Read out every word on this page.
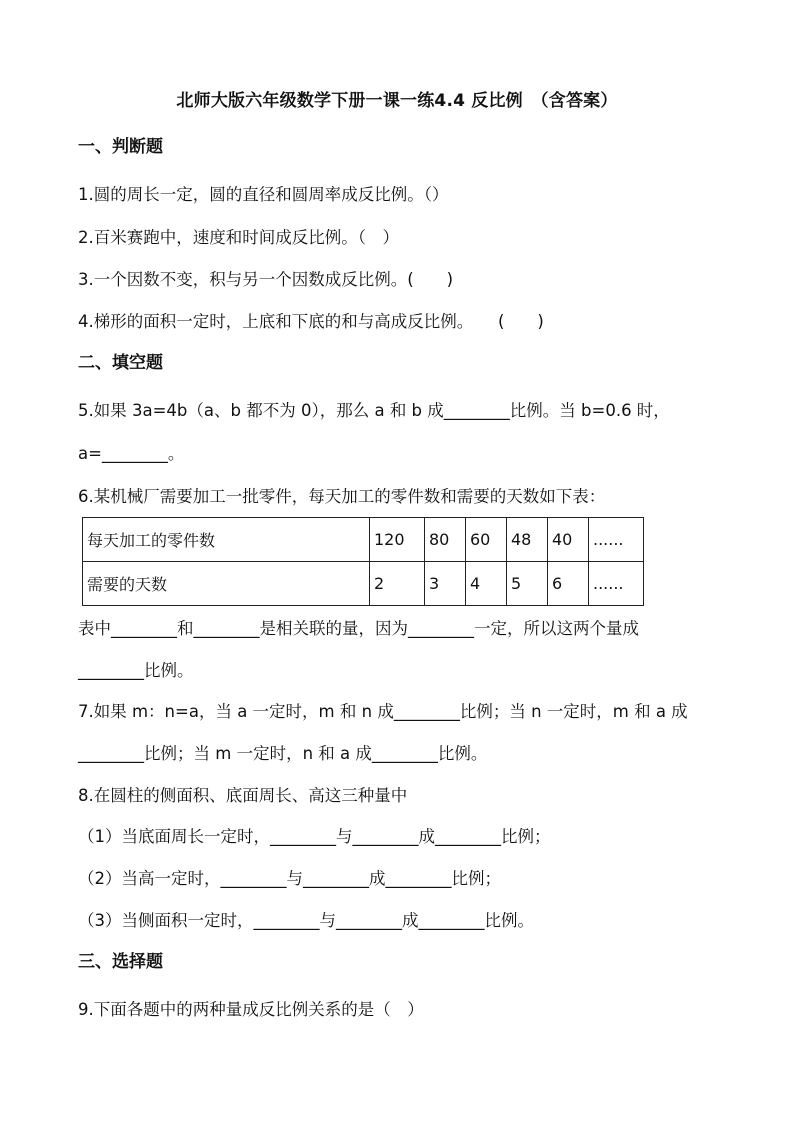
北师大版六年级数学下册一课一练4.4 反比例　（含答案）
一、判断题
1.圆的周长一定，圆的直径和圆周率成反比例。（）
2.百米赛跑中，速度和时间成反比例。（　）
3.一个因数不变，积与另一个因数成反比例。(　　)
4.梯形的面积一定时，上底和下底的和与高成反比例。　　(　　)
二、填空题
5.如果 3a=4b（a、b 都不为 0），那么 a 和 b 成________比例。当 b=0.6 时，
a=________。
6.某机械厂需要加工一批零件，每天加工的零件数和需要的天数如下表：
每天加工的零件数	120	80	60	48	40	......
需要的天数	2	3	4	5	6	......
表中________和________是相关联的量，因为________一定，所以这两个量成
________比例。
7.如果 m：n=a，当 a 一定时，m 和 n 成________比例；当 n 一定时，m 和 a 成
________比例；当 m 一定时，n 和 a 成________比例。
8.在圆柱的侧面积、底面周长、高这三种量中
（1）当底面周长一定时，________与________成________比例；
（2）当高一定时，________与________成________比例；
（3）当侧面积一定时，________与________成________比例。
三、选择题
9.下面各题中的两种量成反比例关系的是（　）
